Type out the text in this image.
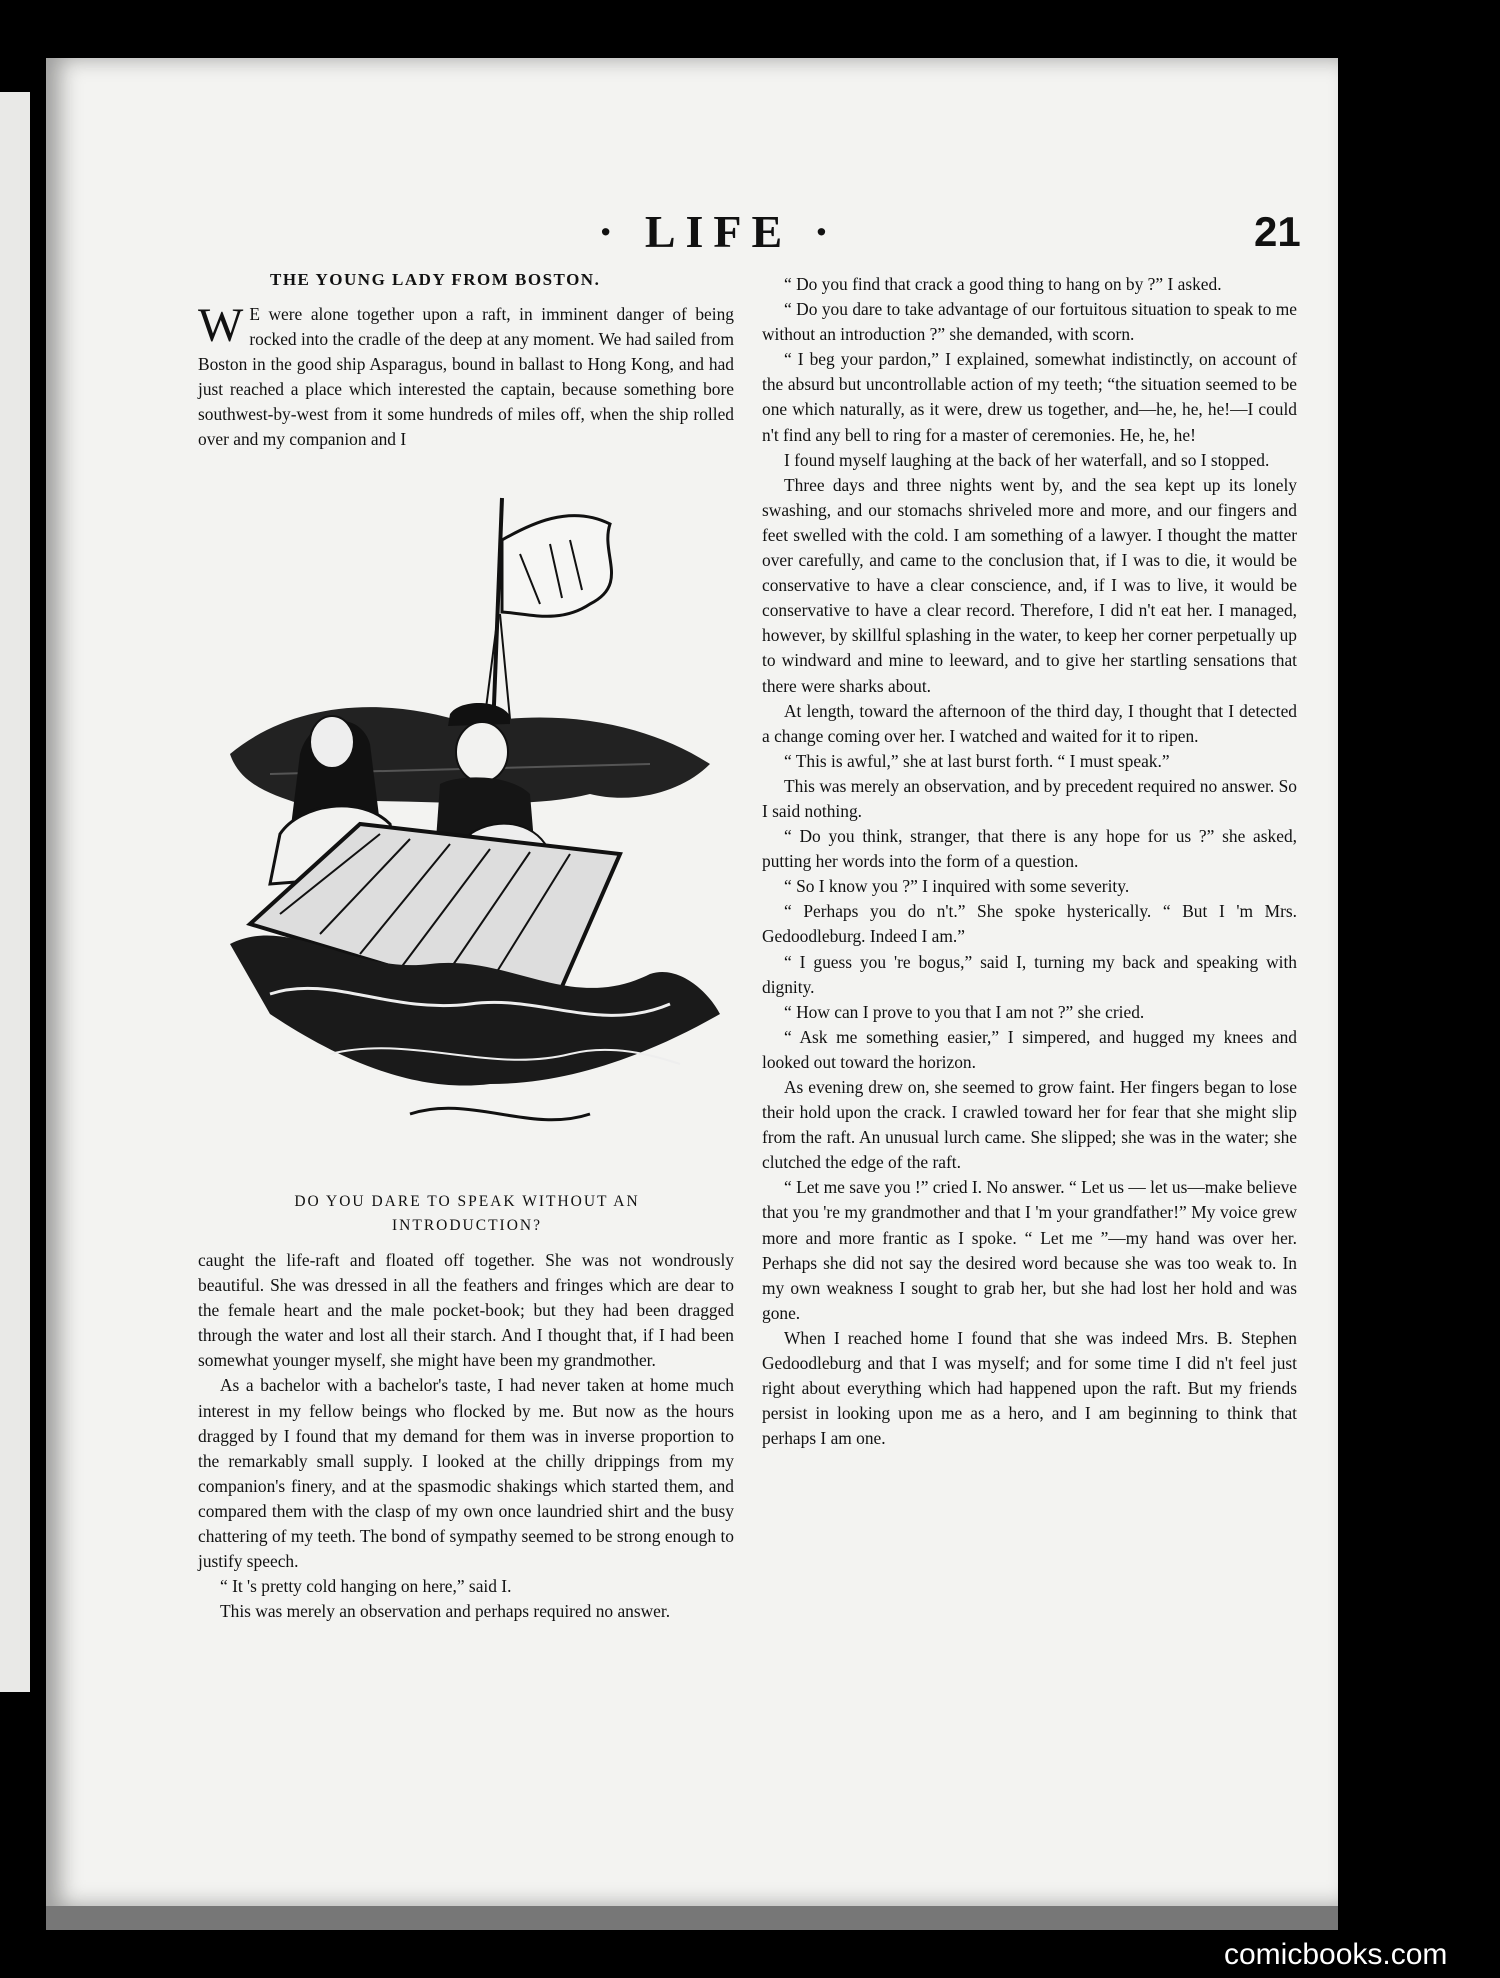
· LIFE ·	21
THE YOUNG LADY FROM BOSTON.

W E were alone together upon a raft, in imminent danger of being rocked into the cradle of the deep at any moment. We had sailed from Boston in the good ship Asparagus, bound in ballast to Hong Kong, and had just reached a place which interested the captain, because something bore southwest-by-west from it some hundreds of miles off, when the ship rolled over and my companion and I

DO YOU DARE TO SPEAK WITHOUT AN INTRODUCTION?

caught the life-raft and floated off together. She was not wondrously beautiful. She was dressed in all the feathers and fringes which are dear to the female heart and the male pocket-book; but they had been dragged through the water and lost all their starch. And I thought that, if I had been somewhat younger myself, she might have been my grandmother.

As a bachelor with a bachelor's taste, I had never taken at home much interest in my fellow beings who flocked by me. But now as the hours dragged by I found that my demand for them was in inverse proportion to the remarkably small supply. I looked at the chilly drippings from my companion's finery, and at the spasmodic shakings which started them, and compared them with the clasp of my own once laundried shirt and the busy chattering of my teeth. The bond of sympathy seemed to be strong enough to justify speech.

“ It 's pretty cold hanging on here,” said I.

This was merely an observation and perhaps required no answer.

“ Do you find that crack a good thing to hang on by ?” I asked.

“ Do you dare to take advantage of our fortuitous situation to speak to me without an introduction ?” she demanded, with scorn.

“ I beg your pardon,” I explained, somewhat indistinctly, on account of the absurd but uncontrollable action of my teeth; “the situation seemed to be one which naturally, as it were, drew us together, and—he, he, he!—I could n't find any bell to ring for a master of ceremonies. He, he, he!

I found myself laughing at the back of her waterfall, and so I stopped.

Three days and three nights went by, and the sea kept up its lonely swashing, and our stomachs shriveled more and more, and our fingers and feet swelled with the cold. I am something of a lawyer. I thought the matter over carefully, and came to the conclusion that, if I was to die, it would be conservative to have a clear conscience, and, if I was to live, it would be conservative to have a clear record. Therefore, I did n't eat her. I managed, however, by skillful splashing in the water, to keep her corner perpetually up to windward and mine to leeward, and to give her startling sensations that there were sharks about.

At length, toward the afternoon of the third day, I thought that I detected a change coming over her. I watched and waited for it to ripen.

“ This is awful,” she at last burst forth. “ I must speak.”

This was merely an observation, and by precedent required no answer. So I said nothing.

“ Do you think, stranger, that there is any hope for us ?” she asked, putting her words into the form of a question.

“ So I know you ?” I inquired with some severity.

“ Perhaps you do n't.” She spoke hysterically. “ But I 'm Mrs. Gedoodleburg. Indeed I am.”

“ I guess you 're bogus,” said I, turning my back and speaking with dignity.

“ How can I prove to you that I am not ?” she cried.

“ Ask me something easier,” I simpered, and hugged my knees and looked out toward the horizon.

As evening drew on, she seemed to grow faint. Her fingers began to lose their hold upon the crack. I crawled toward her for fear that she might slip from the raft. An unusual lurch came. She slipped; she was in the water; she clutched the edge of the raft.

“ Let me save you !” cried I. No answer. “ Let us — let us—make believe that you 're my grandmother and that I 'm your grandfather!” My voice grew more and more frantic as I spoke. “ Let me ”—my hand was over her. Perhaps she did not say the desired word because she was too weak to. In my own weakness I sought to grab her, but she had lost her hold and was gone.

When I reached home I found that she was indeed Mrs. B. Stephen Gedoodleburg and that I was myself; and for some time I did n't feel just right about everything which had happened upon the raft. But my friends persist in looking upon me as a hero, and I am beginning to think that perhaps I am one.

comicbooks.com
